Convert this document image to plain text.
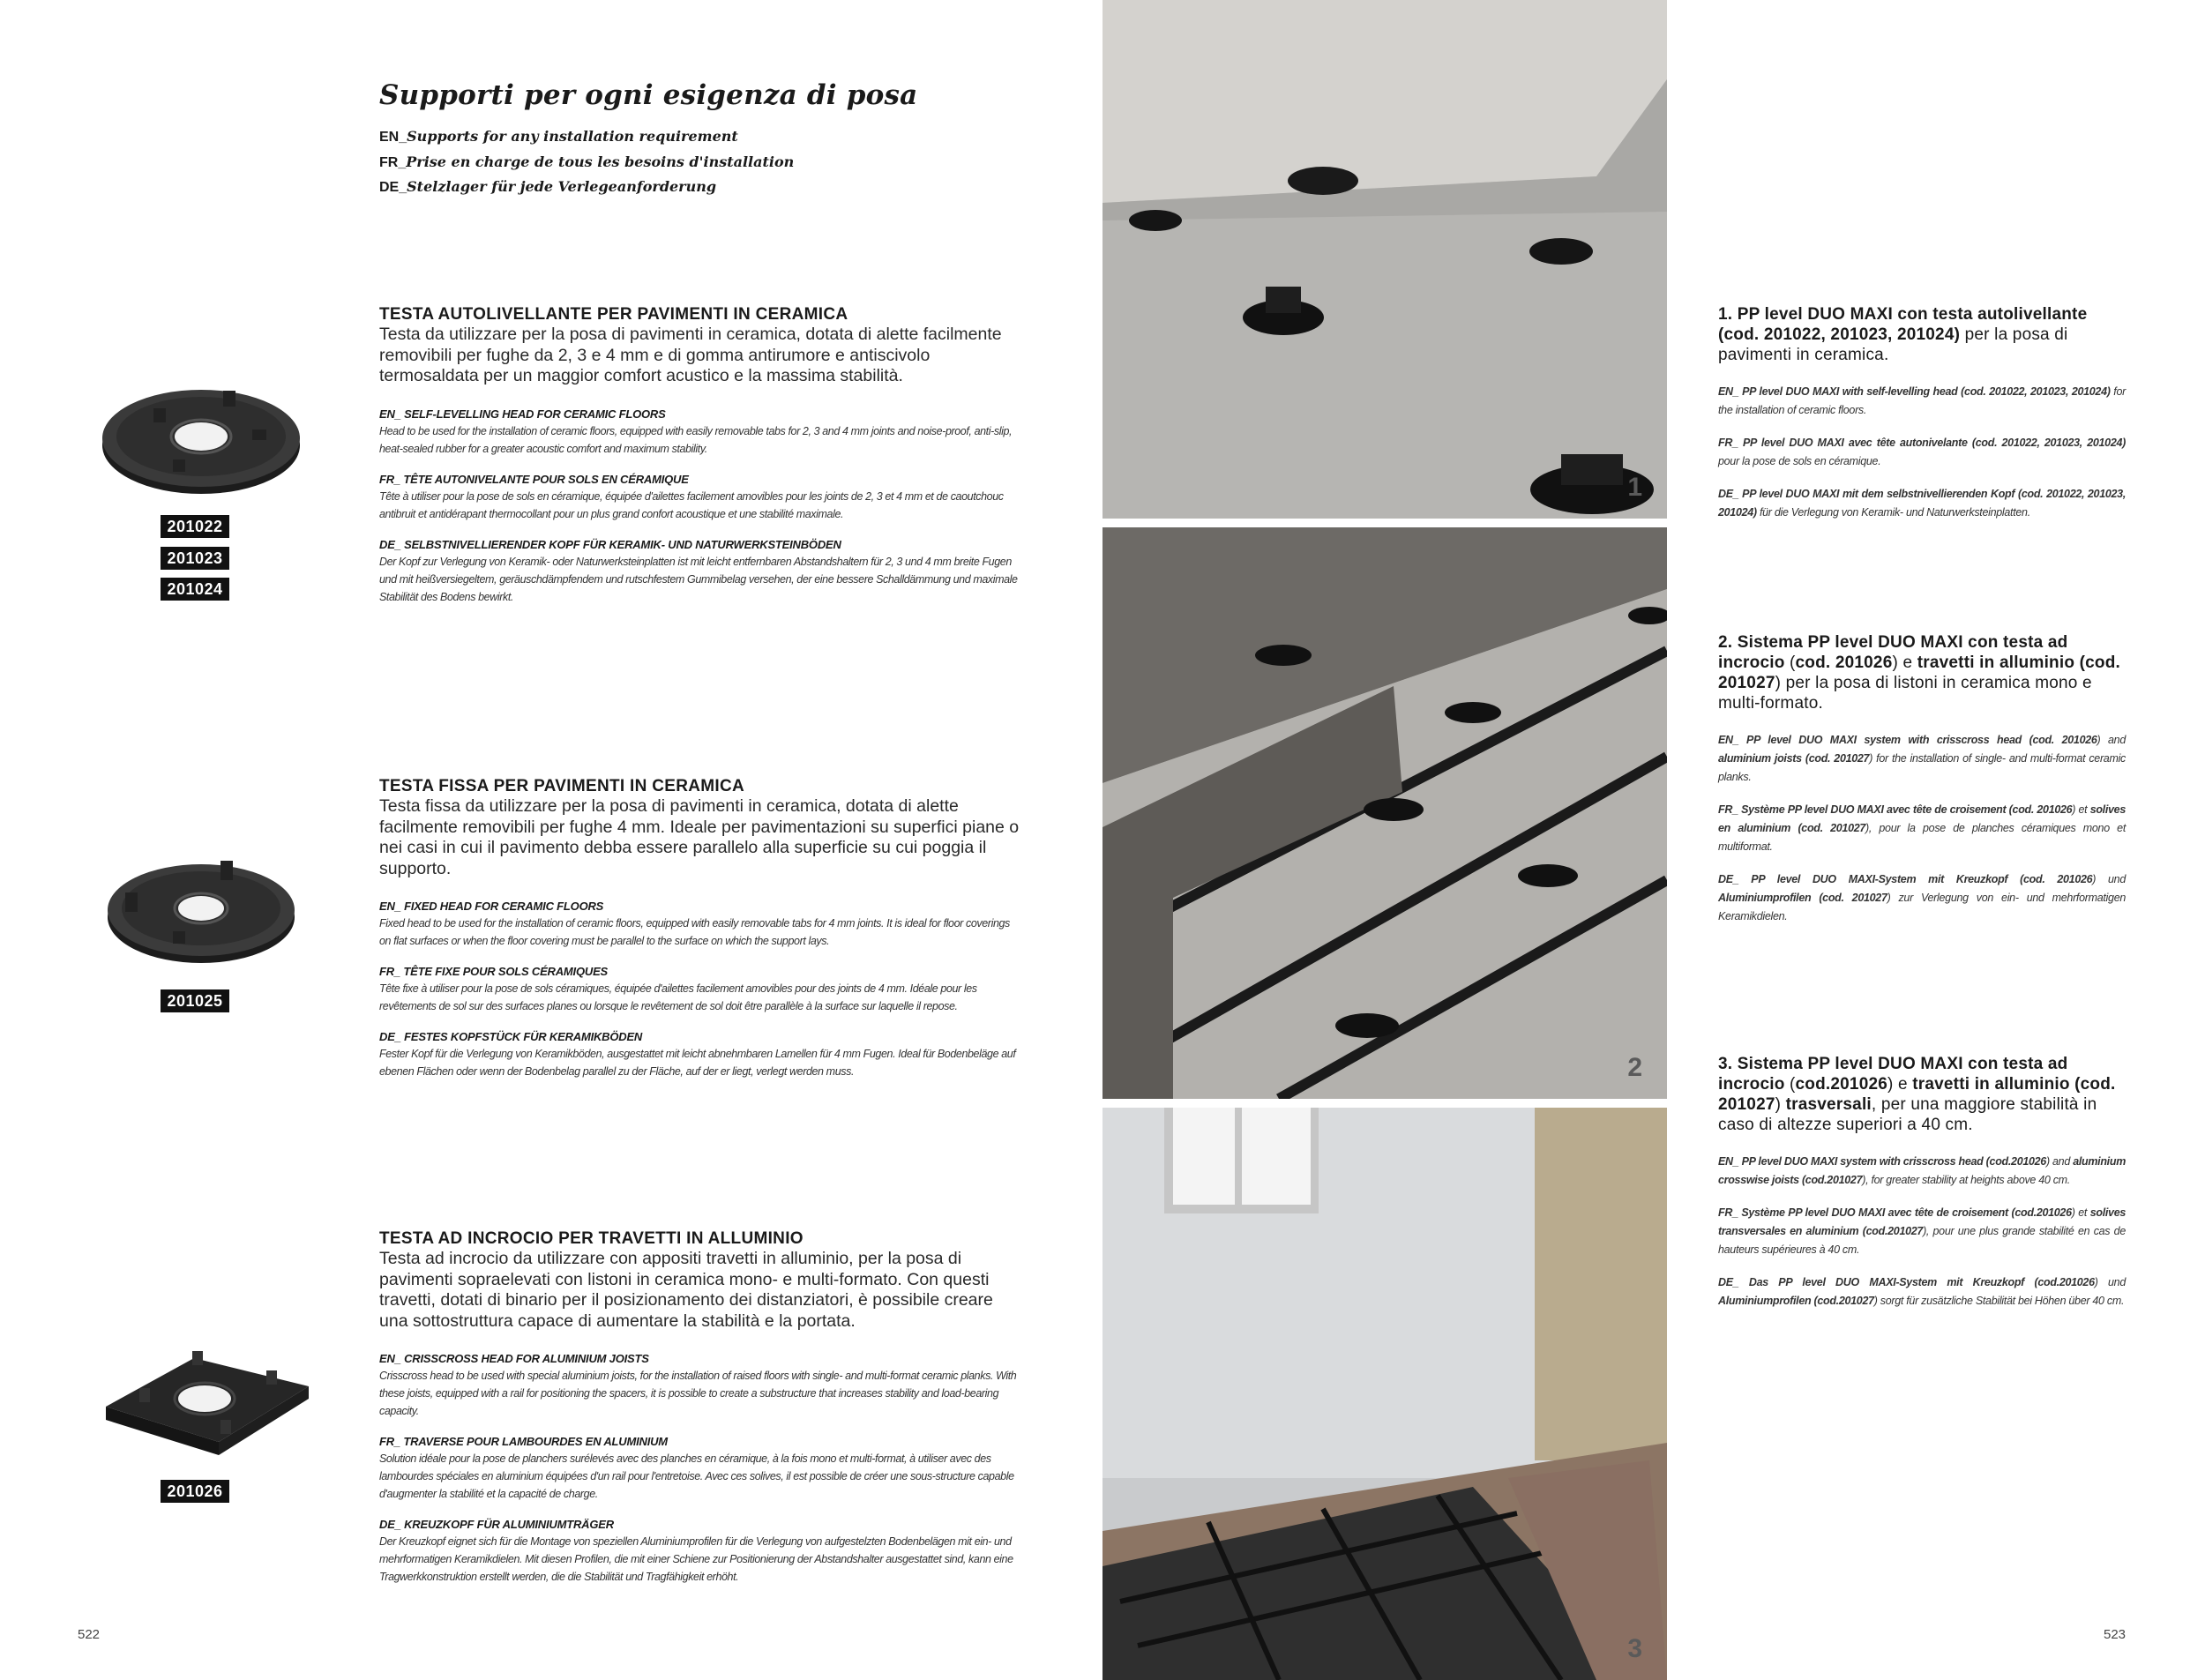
Supporti per ogni esigenza di posa
EN_Supports for any installation requirement
FR_Prise en charge de tous les besoins d'installation
DE_Stelzlager für jede Verlegeanforderung
201022
201023
201024
TESTA AUTOLIVELLANTE PER PAVIMENTI IN CERAMICA

Testa da utilizzare per la posa di pavimenti in ceramica, dotata di alette facilmente removibili per fughe da 2, 3 e 4 mm e di gomma antirumore e antiscivolo termosaldata per un maggior comfort acustico e la massima stabilità.

EN_ SELF-LEVELLING HEAD FOR CERAMIC FLOORS

Head to be used for the installation of ceramic floors, equipped with easily removable tabs for 2, 3 and 4 mm joints and noise-proof, anti-slip, heat-sealed rubber for a greater acoustic comfort and maximum stability.

FR_ TÊTE AUTONIVELANTE POUR SOLS EN CÉRAMIQUE

Tête à utiliser pour la pose de sols en céramique, équipée d'ailettes facilement amovibles pour les joints de 2, 3 et 4 mm et de caoutchouc antibruit et antidérapant thermocollant pour un plus grand confort acoustique et une stabilité maximale.

DE_ SELBSTNIVELLIERENDER KOPF FÜR KERAMIK- UND NATURWERKSTEINBÖDEN

Der Kopf zur Verlegung von Keramik- oder Naturwerksteinplatten ist mit leicht entfernbaren Abstandshaltern für 2, 3 und 4 mm breite Fugen und mit heißversiegeltem, geräuschdämpfendem und rutschfestem Gummibelag versehen, der eine bessere Schalldämmung und maximale Stabilität des Bodens bewirkt.

201025
TESTA FISSA PER PAVIMENTI IN CERAMICA

Testa fissa da utilizzare per la posa di pavimenti in ceramica, dotata di alette facilmente removibili per fughe 4 mm. Ideale per pavimentazioni su superfici piane o nei casi in cui il pavimento debba essere parallelo alla superficie su cui poggia il supporto.

EN_ FIXED HEAD FOR CERAMIC FLOORS

Fixed head to be used for the installation of ceramic floors, equipped with easily removable tabs for 4 mm joints. It is ideal for floor coverings on flat surfaces or when the floor covering must be parallel to the surface on which the support lays.

FR_ TÊTE FIXE POUR SOLS CÉRAMIQUES

Tête fixe à utiliser pour la pose de sols céramiques, équipée d'ailettes facilement amovibles pour des joints de 4 mm. Idéale pour les revêtements de sol sur des surfaces planes ou lorsque le revêtement de sol doit être parallèle à la surface sur laquelle il repose.

DE_ FESTES KOPFSTÜCK FÜR KERAMIKBÖDEN

Fester Kopf für die Verlegung von Keramikböden, ausgestattet mit leicht abnehmbaren Lamellen für 4 mm Fugen. Ideal für Bodenbeläge auf ebenen Flächen oder wenn der Bodenbelag parallel zu der Fläche, auf der er liegt, verlegt werden muss.

201026
TESTA AD INCROCIO PER TRAVETTI IN ALLUMINIO

Testa ad incrocio da utilizzare con appositi travetti in alluminio, per la posa di pavimenti sopraelevati con listoni in ceramica mono- e multi-formato. Con questi travetti, dotati di binario per il posizionamento dei distanziatori, è possibile creare una sottostruttura capace di aumentare la stabilità e la portata.

EN_ CRISSCROSS HEAD FOR ALUMINIUM JOISTS

Crisscross head to be used with special aluminium joists, for the installation of raised floors with single- and multi-format ceramic planks. With these joists, equipped with a rail for positioning the spacers, it is possible to create a substructure that increases stability and load-bearing capacity.

FR_ TRAVERSE POUR LAMBOURDES EN ALUMINIUM

Solution idéale pour la pose de planchers surélevés avec des planches en céramique, à la fois mono et multi-format, à utiliser avec des lambourdes spéciales en aluminium équipées d'un rail pour l'entretoise. Avec ces solives, il est possible de créer une sous-structure capable d'augmenter la stabilité et la capacité de charge.

DE_ KREUZKOPF FÜR ALUMINIUMTRÄGER

Der Kreuzkopf eignet sich für die Montage von speziellen Aluminiumprofilen für die Verlegung von aufgestelzten Bodenbelägen mit ein- und mehrformatigen Keramikdielen. Mit diesen Profilen, die mit einer Schiene zur Positionierung der Abstandshalter ausgestattet sind, kann eine Tragwerkkonstruktion erstellt werden, die die Stabilität und Tragfähigkeit erhöht.

1
2
3
1. PP level DUO MAXI con testa autolivellante (cod. 201022, 201023, 201024) per la posa di pavimenti in ceramica.

EN_ PP level DUO MAXI with self-levelling head (cod. 201022, 201023, 201024) for the installation of ceramic floors.

FR_ PP level DUO MAXI avec tête autonivelante (cod. 201022, 201023, 201024) pour la pose de sols en céramique.

DE_ PP level DUO MAXI mit dem selbstnivellierenden Kopf (cod. 201022, 201023, 201024) für die Verlegung von Keramik- und Naturwerksteinplatten.

2. Sistema PP level DUO MAXI con testa ad incrocio (cod. 201026) e travetti in alluminio (cod. 201027) per la posa di listoni in ceramica mono e multi-formato.

EN_ PP level DUO MAXI system with crisscross head (cod. 201026) and aluminium joists (cod. 201027) for the installation of single- and multi-format ceramic planks.

FR_ Système PP level DUO MAXI avec tête de croisement (cod. 201026) et solives en aluminium (cod. 201027), pour la pose de planches céramiques mono et multiformat.

DE_ PP level DUO MAXI-System mit Kreuzkopf (cod. 201026) und Aluminiumprofilen (cod. 201027) zur Verlegung von ein- und mehrformatigen Keramikdielen.

3. Sistema PP level DUO MAXI con testa ad incrocio (cod.201026) e travetti in alluminio (cod. 201027) trasversali, per una maggiore stabilità in caso di altezze superiori a 40 cm.

EN_ PP level DUO MAXI system with crisscross head (cod.201026) and aluminium crosswise joists (cod.201027), for greater stability at heights above 40 cm.

FR_ Système PP level DUO MAXI avec tête de croisement (cod.201026) et solives transversales en aluminium (cod.201027), pour une plus grande stabilité en cas de hauteurs supérieures à 40 cm.

DE_ Das PP level DUO MAXI-System mit Kreuzkopf (cod.201026) und Aluminiumprofilen (cod.201027) sorgt für zusätzliche Stabilität bei Höhen über 40 cm.

522	523
